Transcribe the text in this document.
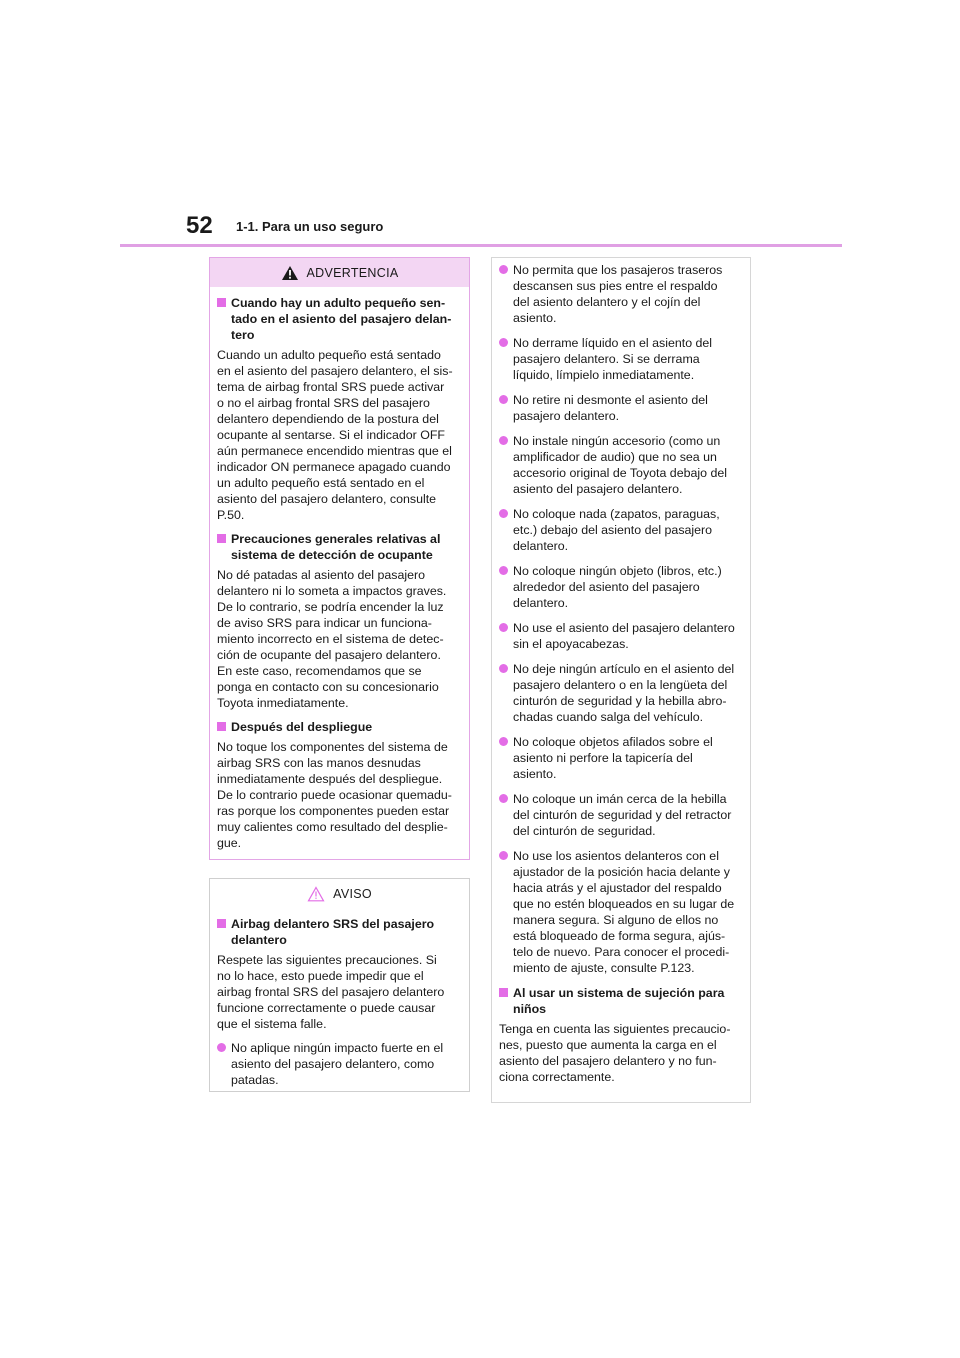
52 1-1. Para un uso seguro
ADVERTENCIA
Cuando hay un adulto pequeño sen-
tado en el asiento del pasajero delan-
tero

Cuando un adulto pequeño está sentado
en el asiento del pasajero delantero, el sis-
tema de airbag frontal SRS puede activar
o no el airbag frontal SRS del pasajero
delantero dependiendo de la postura del
ocupante al sentarse. Si el indicador OFF
aún permanece encendido mientras que el
indicador ON permanece apagado cuando
un adulto pequeño está sentado en el
asiento del pasajero delantero, consulte
P.50.

Precauciones generales relativas al
sistema de detección de ocupante

No dé patadas al asiento del pasajero
delantero ni lo someta a impactos graves.
De lo contrario, se podría encender la luz
de aviso SRS para indicar un funciona-
miento incorrecto en el sistema de detec-
ción de ocupante del pasajero delantero.
En este caso, recomendamos que se
ponga en contacto con su concesionario
Toyota inmediatamente.

Después del despliegue

No toque los componentes del sistema de
airbag SRS con las manos desnudas
inmediatamente después del despliegue.
De lo contrario puede ocasionar quemadu-
ras porque los componentes pueden estar
muy calientes como resultado del desplie-
gue.

AVISO
Airbag delantero SRS del pasajero
delantero

Respete las siguientes precauciones. Si
no lo hace, esto puede impedir que el
airbag frontal SRS del pasajero delantero
funcione correctamente o puede causar
que el sistema falle.

No aplique ningún impacto fuerte en el
asiento del pasajero delantero, como
patadas.
No permita que los pasajeros traseros
descansen sus pies entre el respaldo
del asiento delantero y el cojín del
asiento.
No derrame líquido en el asiento del
pasajero delantero. Si se derrama
líquido, límpielo inmediatamente.
No retire ni desmonte el asiento del
pasajero delantero.
No instale ningún accesorio (como un
amplificador de audio) que no sea un
accesorio original de Toyota debajo del
asiento del pasajero delantero.
No coloque nada (zapatos, paraguas,
etc.) debajo del asiento del pasajero
delantero.
No coloque ningún objeto (libros, etc.)
alrededor del asiento del pasajero
delantero.
No use el asiento del pasajero delantero
sin el apoyacabezas.
No deje ningún artículo en el asiento del
pasajero delantero o en la lengüeta del
cinturón de seguridad y la hebilla abro-
chadas cuando salga del vehículo.
No coloque objetos afilados sobre el
asiento ni perfore la tapicería del
asiento.
No coloque un imán cerca de la hebilla
del cinturón de seguridad y del retractor
del cinturón de seguridad.
No use los asientos delanteros con el
ajustador de la posición hacia delante y
hacia atrás y el ajustador del respaldo
que no estén bloqueados en su lugar de
manera segura. Si alguno de ellos no
está bloqueado de forma segura, ajús-
telo de nuevo. Para conocer el procedi-
miento de ajuste, consulte P.123.
Al usar un sistema de sujeción para
niños

Tenga en cuenta las siguientes precaucio-
nes, puesto que aumenta la carga en el
asiento del pasajero delantero y no fun-
ciona correctamente.
